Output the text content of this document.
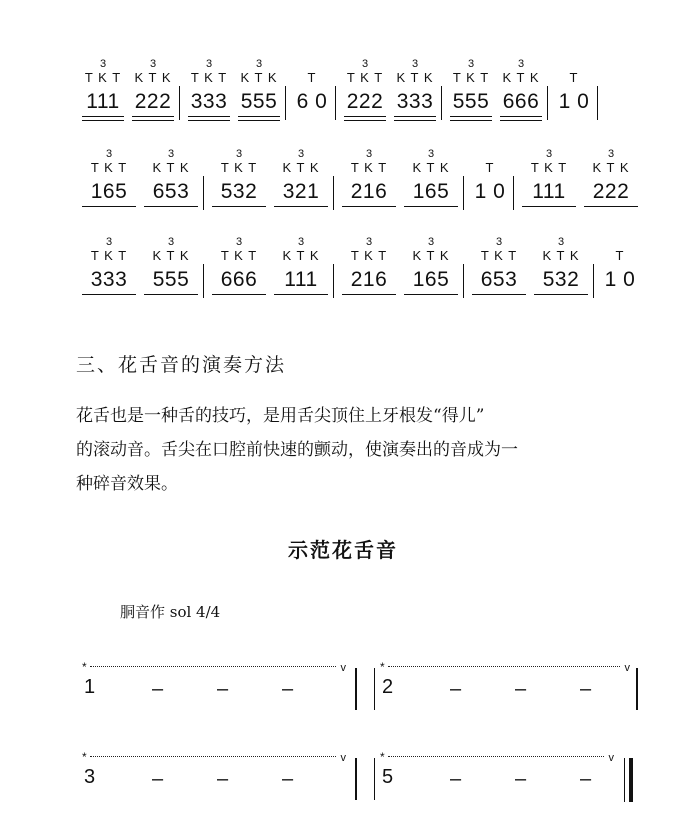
3
T K T
111
3
K T K
222
3
T K T
333
3
K T K
555
T
6 0
3
T K T
222
3
K T K
333
3
T K T
555
3
K T K
666
T
1 0
3
T K T
165
3
K T K
653
3
T K T
532
3
K T K
321
3
T K T
216
3
K T K
165
T
1 0
3
T K T
111
3
K T K
222
3
T K T
333
3
K T K
555
3
T K T
666
3
K T K
111
3
T K T
216
3
K T K
165
3
T K T
653
3
K T K
532
T
1 0
三、花舌音的演奏方法
花舌也是一种舌的技巧，是用舌尖顶住上牙根发“得儿”
的滚动音。舌尖在口腔前快速的颤动，使演奏出的音成为一
种碎音效果。
示范花舌音
胴音作 sol 4/4
*	v
1	–	–	–
*	v
2	–	–	–
*	v
3	–	–	–
*	v
5	–	–	–
